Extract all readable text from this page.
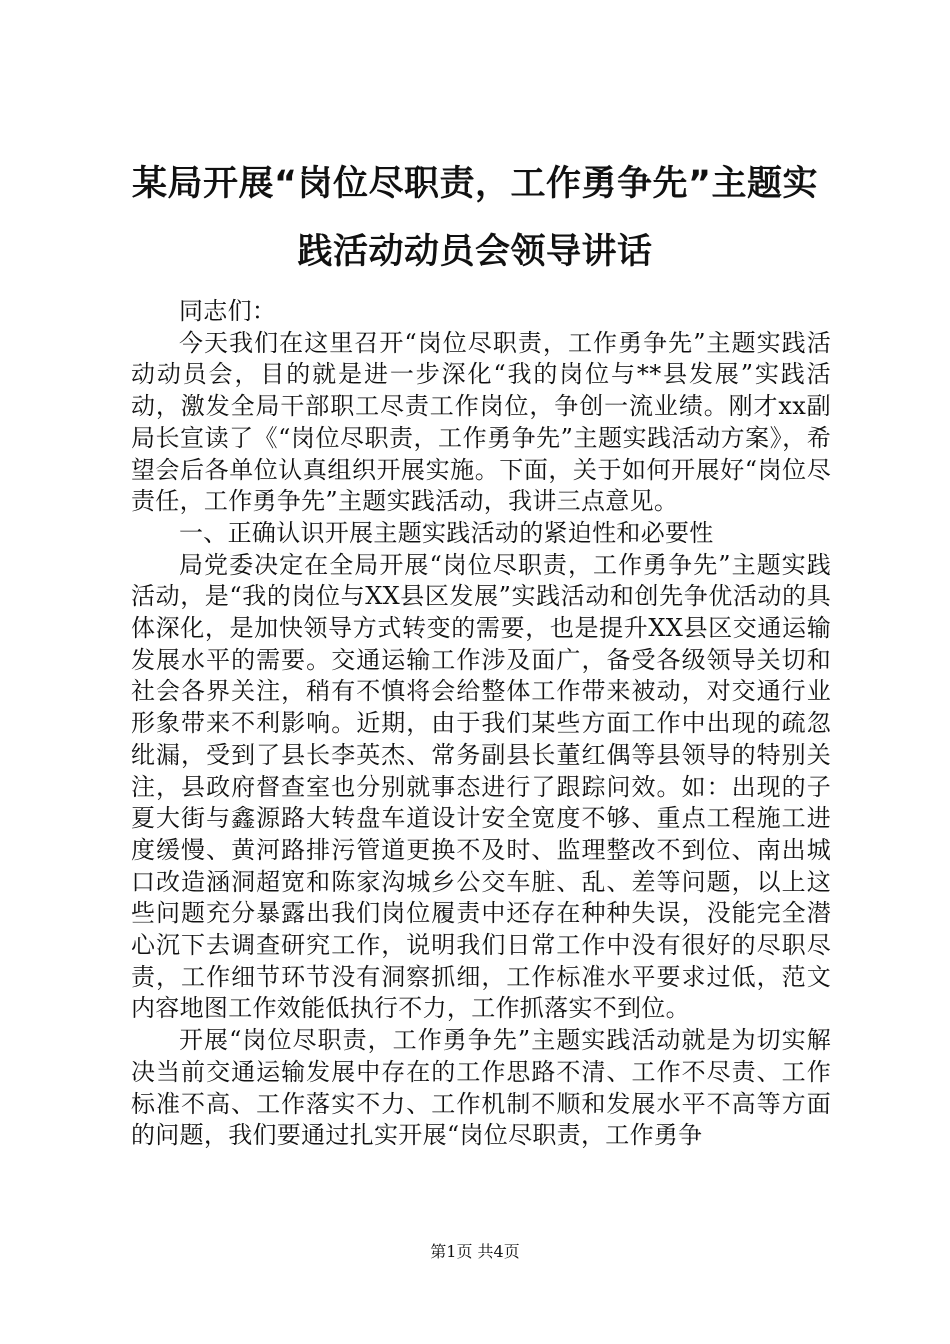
某局开展“岗位尽职责，工作勇争先”主题实
践活动动员会领导讲话

同志们：

今天我们在这里召开“岗位尽职责，工作勇争先”主题实践活动动员会，目的就是进一步深化“我的岗位与**县发展”实践活动，激发全局干部职工尽责工作岗位，争创一流业绩。刚才xx副局长宣读了《“岗位尽职责，工作勇争先”主题实践活动方案》，希望会后各单位认真组织开展实施。下面，关于如何开展好“岗位尽责任，工作勇争先”主题实践活动，我讲三点意见。

一、正确认识开展主题实践活动的紧迫性和必要性

局党委决定在全局开展“岗位尽职责，工作勇争先”主题实践活动，是“我的岗位与XX县区发展”实践活动和创先争优活动的具体深化，是加快领导方式转变的需要，也是提升XX县区交通运输发展水平的需要。交通运输工作涉及面广，备受各级领导关切和社会各界关注，稍有不慎将会给整体工作带来被动，对交通行业形象带来不利影响。近期，由于我们某些方面工作中出现的疏忽纰漏，受到了县长李英杰、常务副县长董红偶等县领导的特别关注，县政府督查室也分别就事态进行了跟踪问效。如：出现的子夏大街与鑫源路大转盘车道设计安全宽度不够、重点工程施工进度缓慢、黄河路排污管道更换不及时、监理整改不到位、南出城口改造涵洞超宽和陈家沟城乡公交车脏、乱、差等问题，以上这些问题充分暴露出我们岗位履责中还存在种种失误，没能完全潜心沉下去调查研究工作，说明我们日常工作中没有很好的尽职尽责，工作细节环节没有洞察抓细，工作标准水平要求过低，范文内容地图工作效能低执行不力，工作抓落实不到位。

开展“岗位尽职责，工作勇争先”主题实践活动就是为切实解决当前交通运输发展中存在的工作思路不清、工作不尽责、工作标准不高、工作落实不力、工作机制不顺和发展水平不高等方面的问题，我们要通过扎实开展“岗位尽职责，工作勇争

第1页 共4页
